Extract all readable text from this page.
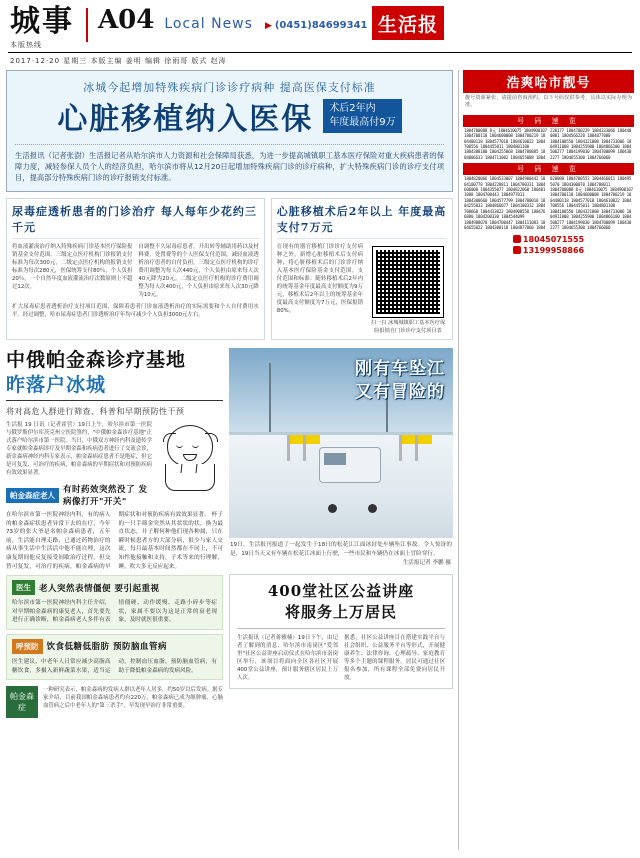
城事
本版热线
A04 Local News ▶ (0451)84699341 生活报
2017·12·20 星期三 本版主编 姜明 编辑 徐雨哥 版式 赵涛
冰城今起增加特殊疾病门诊诊疗病种 提高医保支付标准
心脏移植纳入医保 术后2年内
年度最高付9万
生活报讯（记者张澍）生活报记者从哈尔滨市人力资源和社会保障局获悉，为进一步提高城镇职工基本医疗保险对重大疾病患者的保障力度，减轻参保人员个人的经济负担，哈尔滨市将从12月20日起增加特殊疾病门诊的诊疗病种，扩大特殊疾病门诊的诊疗支付项目，提高部分特殊疾病门诊的诊疗报销支付标准。
尿毒症透析患者的门诊治疗 每人每年少花约三千元
将血液灌流治疗纳入特殊疾病门诊基本医疗保险报销基金支付范围。三级定点医疗机构门诊报销支付标准为每次300元，二级定点医疗机构的报销支付标准为每次280元，医保统筹支付80％，个人负担20％。一个自然年度血液灌流治疗次数原则上不超过12次。
自调整不久尿毒症患者，开出转等辅助用药以及材料费，处置费等的个人医保支付范围，减轻血液透析治疗患者的自付负担，三级定点医疗机构的诊疗费用调整为每人次440元，个人负担由原来每人次40元降为20元。二级定点医疗机构的诊疗费用调整为每人次400元，个人负担由原来每人次30元降为10元。
扩大尿毒症患者透析治疗支付项目范围，保障着患者门诊血液透析治疗的实际需要和个人自付费用水平。经过调整，哈市尿毒症患者门诊透析治疗年均可减少个人负担3000元左右。
心脏移植术后2年以上 年度最高支付7万元
在现有的器官移植门诊诊疗支付病种之外，新增心脏移植术后支付病种，将心脏移植术后的门诊诊疗纳入基本医疗保险基金支付范围。支付范围和标准：随转移植术后2年内的统筹基金年度最高支付额度为9万元，移植术后2年以上的统筹基金年度最高支付额度为7万元，医保报销80%。
扫一扫 冰城城镇职工基本医疗保险报销自门诊诊疗支付项目表
中俄帕金森诊疗基地
昨落户冰城
将对高危人群进行筛查、科普和早期预防性干预
生活报 19 日讯（记者霍营）19日上午，哈尔滨市第一医院与俄罗斯伊尔库茨克州立医院签约，"中俄帕金森诊疗基地"正式落户哈尔滨市第一医院。当日，中俄双方神经内科及遗传学专家就帕金森病诊疗及早期金森和疾病患者进行了交流会诊，新金森病神经内科专家表示，帕金森病症患者不是绝症，但它是可复发、可治疗的疾病，帕金森病的早期症状和对预防疾病有效效果显著。
帕金森症老人 有时药效突然没了 发病像打开"开关"
在哈尔滨市第一医院神经内科，有的病人的帕金森症状患者异常下去的在疗，今年73岁的张大爷是名帕金森病患者，五年前，生活能自理走路，已通过药物治疗的病从事生活中生活活中他不能自理，这次康复期间他反复接受间歇治疗过程，但交替可复发，可治疗的疾病，帕金森病的早期症状和对预防疾病有效效果显著。 杯子的一只手筛金突然从其状状的状，换为最直状态，并子解何种他们现各种属，只在瞬时候患者方的大部分病，很少与家人交流，每月最基本时间然都在不同上，不可知性他接触和支持，子术等来的行理解，睡，吹大多无反应起来。
医生 老人突然表情僵便 要引起重视
哈尔滨市第一医院神经内科主任介绍，对早期帕金森病的康复老人，首先要先进行正确诊断，帕金森病老人多伴有表情僵硬、动作缓慢、走路小碎步等症状，家属不要以为这是正常的衰老现象，及时就医很重要。
呼预防 饮食低糖低脂肪 预防脑血管病
医生建议，中老年人日常应减少高脂高糖饮食，多摄入新鲜蔬菜水果，适当运动，控制血压血脂，预防脑血管病，有助于降低帕金森病的发病风险。
帕金森症
一种研究表示，帕金森病的发病人群以老年人居多，约50岁以后发病。据专家介绍，目前我国帕金森病患者约有220万，帕金森病已成为继肿瘤、心脑血管病之后中老年人的"第三杀手"，早发现早治疗非常重要。
刚有车坠江
又有冒险的
19日，生活报刊报道了一起发生于18日的松花江江面冰封处车辆坠江事故。令人惊讶的是，19日当天又有车辆在松花江冰面上行驶，一些市民和车辆仍在冰面上冒险穿行。
生活报记者 李鹏 摄
400堂社区公益讲座
将服务上万居民
生活报讯（记者蒋雅楠）19日下午，由记者了解到的消息，哈尔滨市南岗区"爱邻里"社区公益讲座启动仪式在哈尔滨市南岗区举行，该项目将面向全区各社区开展400堂公益讲座，预计服务辖区居民上万人次。
据悉，社区公益讲座目在搭建实践平台与社会组织、公益服务平台等形式，开展健康养生、法律咨询、心理疏导、家庭教育等多个主题的课程服务。居民可通过社区报名参加，所有课程全部免费向居民开放。
浩爽哈市靓号
靓号资源紧张，请提前咨询预约。以下号码仅供参考，具体以实际办理为准。
号 码 速 览
1804700088 8元 1804610075 1804900107 1804700118 1804600008 1804700219 1804480118 1804577018 1804610022 1804700556 1804455011 1804801100
1804388100 1804255068 1804700885 1804006633 1804711002 1804655088 1804220177 1804700229 1804333066 1804400881 1804566220 1804877080
1804100550 1804321008 1804733006 1804911008 1804255900 1804866100 1804500277 1804199030 1804700099 1804302277 1804655300 1804766060
号 码 速 览
1804820066 1804533007 1804900442 1804100778 1804228811 1804700331 1804606008 1804355077 1804822060 1804011088 1804700443 1804977011
1804300660 1804577799 1804700010 1804255033 1804866077 1804100332 1804700668 1804433022 1804900550 1804766880 1804200330 1804544099
1804988070 1804700447 1804111083 1804655022 1804300118 1804877060 1804020088 1804700553 1804466011 1804955070 1804300070 1804788011
1804700088 8元 1804610075 1804900107 1804700118 1804600008 1804700219 1804480118 1804577018 1804610022 1804700556 1804455011 1804801100
1804100550 1804321008 1804733006 1804911008 1804255900 1804866100 1804500277 1804199030 1804700099 1804302277 1804655300 1804766060
18045071555
13199958866
